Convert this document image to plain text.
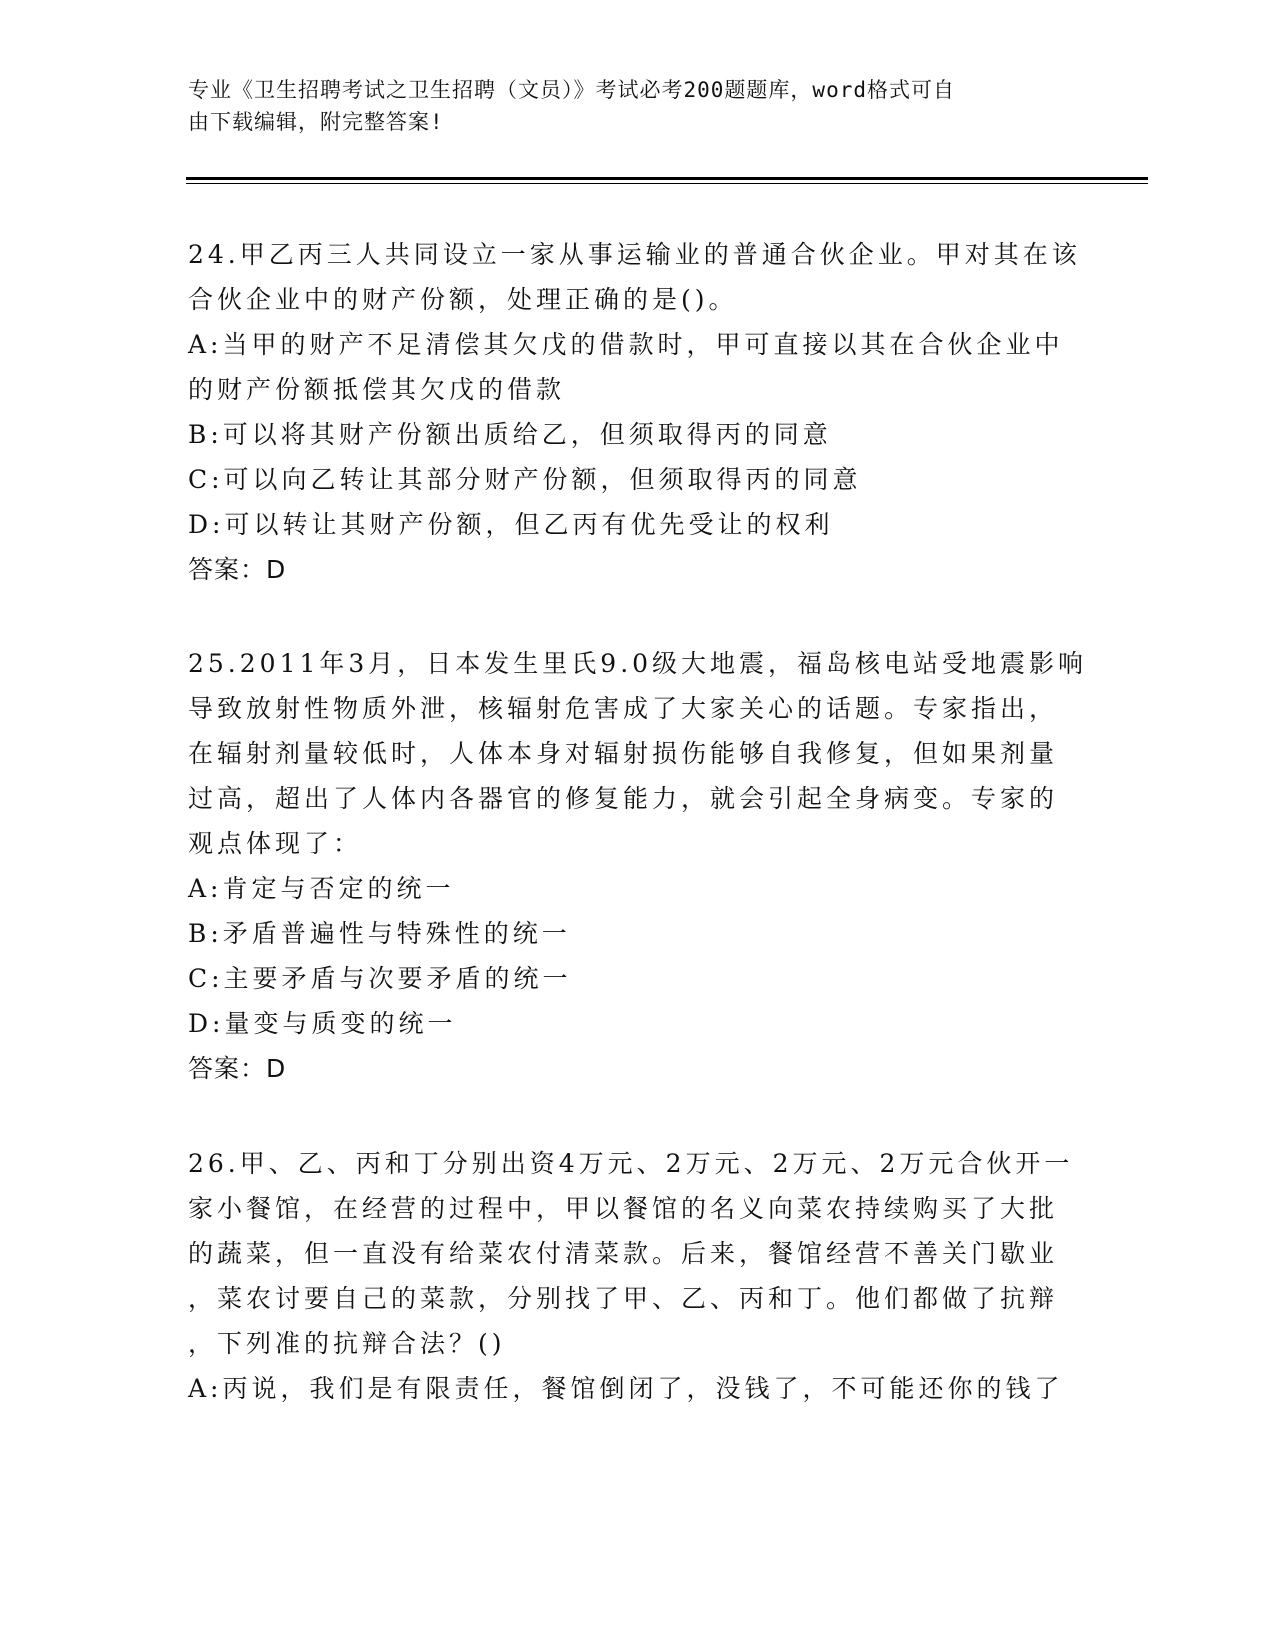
专业《卫生招聘考试之卫生招聘（文员）》考试必考200题题库，word格式可自
由下载编辑，附完整答案!

24.甲乙丙三人共同设立一家从事运输业的普通合伙企业。甲对其在该

合伙企业中的财产份额，处理正确的是()。

A:当甲的财产不足清偿其欠戊的借款时，甲可直接以其在合伙企业中

的财产份额抵偿其欠戊的借款

B:可以将其财产份额出质给乙，但须取得丙的同意

C:可以向乙转让其部分财产份额，但须取得丙的同意

D:可以转让其财产份额，但乙丙有优先受让的权利

答案：D

25.2011年3月，日本发生里氏9.0级大地震，福岛核电站受地震影响

导致放射性物质外泄，核辐射危害成了大家关心的话题。专家指出，

在辐射剂量较低时，人体本身对辐射损伤能够自我修复，但如果剂量

过高，超出了人体内各器官的修复能力，就会引起全身病变。专家的

观点体现了：

A:肯定与否定的统一

B:矛盾普遍性与特殊性的统一

C:主要矛盾与次要矛盾的统一

D:量变与质变的统一

答案：D

26.甲、乙、丙和丁分别出资4万元、2万元、2万元、2万元合伙开一

家小餐馆，在经营的过程中，甲以餐馆的名义向菜农持续购买了大批

的蔬菜，但一直没有给菜农付清菜款。后来，餐馆经营不善关门歇业

，菜农讨要自己的菜款，分别找了甲、乙、丙和丁。他们都做了抗辩

，下列准的抗辩合法？()

A:丙说，我们是有限责任，餐馆倒闭了，没钱了，不可能还你的钱了
